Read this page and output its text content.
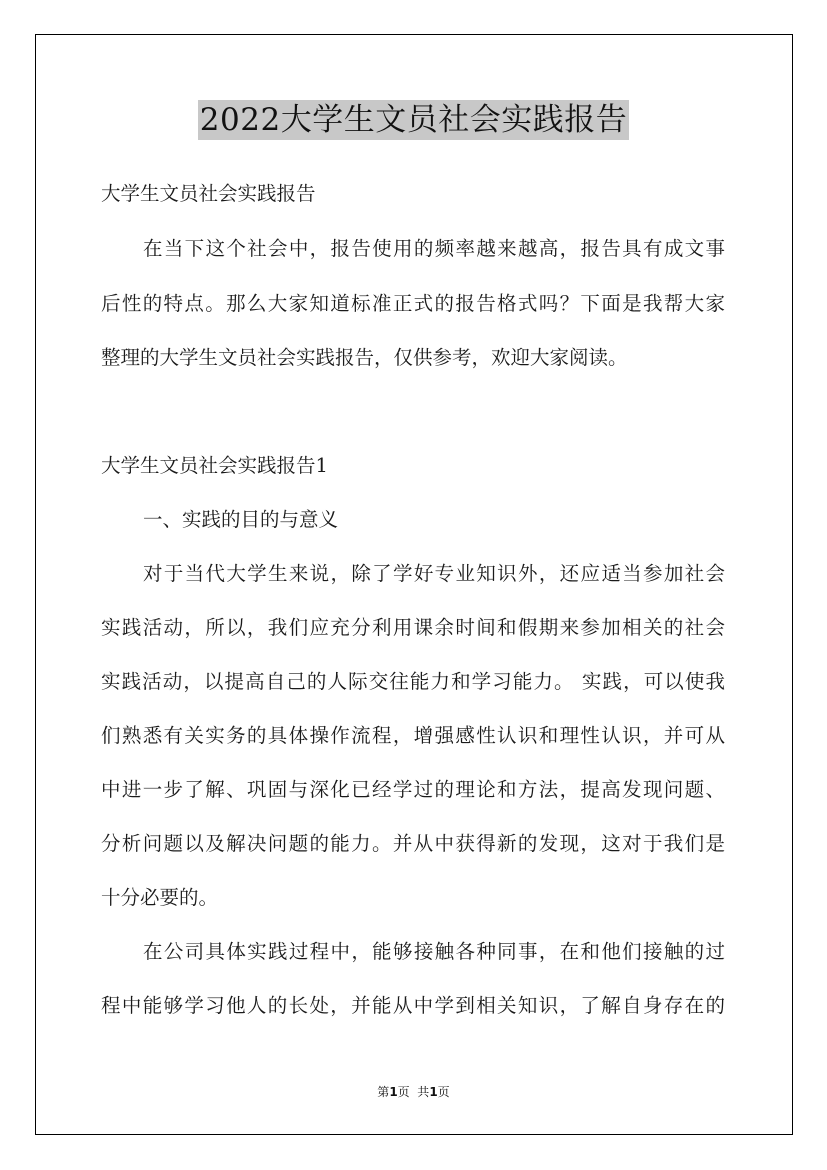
2022大学生文员社会实践报告
大学生文员社会实践报告
在当下这个社会中，报告使用的频率越来越高，报告具有成文事
后性的特点。那么大家知道标准正式的报告格式吗？下面是我帮大家
整理的大学生文员社会实践报告，仅供参考，欢迎大家阅读。
大学生文员社会实践报告1
一、实践的目的与意义
对于当代大学生来说，除了学好专业知识外，还应适当参加社会
实践活动，所以，我们应充分利用课余时间和假期来参加相关的社会
实践活动，以提高自己的人际交往能力和学习能力。 实践，可以使我
们熟悉有关实务的具体操作流程，增强感性认识和理性认识，并可从
中进一步了解、巩固与深化已经学过的理论和方法，提高发现问题、
分析问题以及解决问题的能力。并从中获得新的发现，这对于我们是
十分必要的。
在公司具体实践过程中，能够接触各种同事，在和他们接触的过
程中能够学习他人的长处，并能从中学到相关知识，了解自身存在的
第1页  共1页
